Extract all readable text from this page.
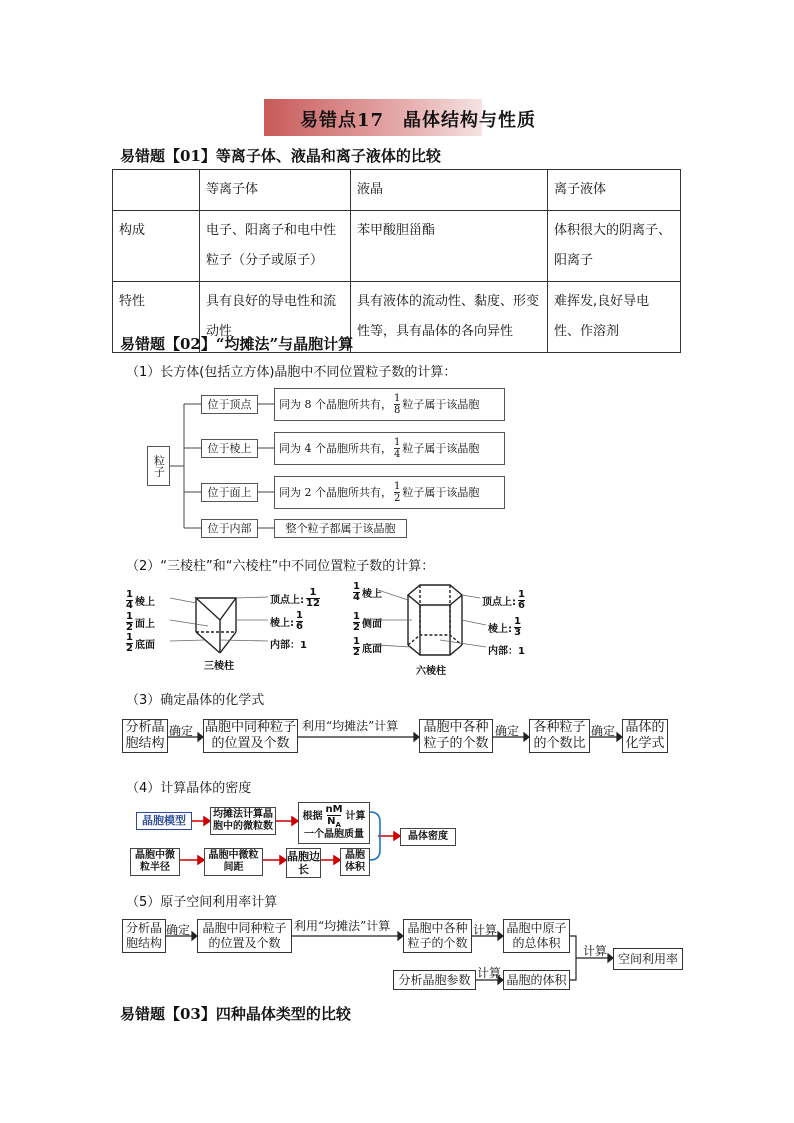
易错点17　晶体结构与性质
易错题【01】等离子体、液晶和离子液体的比较
	等离子体	液晶	离子液体
构成	电子、阳离子和电中性粒子（分子或原子）	苯甲酸胆甾酯	体积很大的阴离子、阳离子
特性	具有良好的导电性和流动性	具有液体的流动性、黏度、形变性等，具有晶体的各向异性	难挥发,良好导电性、作溶剂
易错题【02】“均摊法”与晶胞计算
（1）长方体(包括立方体)晶胞中不同位置粒子数的计算：
粒子
位于顶点
位于棱上
位于面上
位于内部
同为 8 个晶胞所共有， 1
8 粒子属于该晶胞
同为 4 个晶胞所共有， 1
4 粒子属于该晶胞
同为 2 个晶胞所共有， 1
2 粒子属于该晶胞
整个粒子都属于该晶胞
（2）“三棱柱”和“六棱柱”中不同位置粒子数的计算：
1
4 棱上
1
2 面上
1
2 底面
顶点上:
1
12
棱上:
1
6
内部：1
三棱柱
1
4 棱上
1
2 侧面
1
2 底面
顶点上:
1
6
棱上:
1
3
内部：1
六棱柱
（3）确定晶体的化学式
分析晶胞结构
确定 晶胞中同种粒子的位置及个数
利用“均摊法”计算	晶胞中各种粒子的个数
确定	各种粒子的个数比
确定 晶体的化学式
（4）计算晶体的密度
晶胞模型	均摊法计算晶胞中的微粒数
根据 $\frac{nM}{N_A}$ 计算
一个晶胞质量	晶体密度
晶胞中微粒半径
晶胞中微粒间距
晶胞边长
晶胞体积
（5）原子空间利用率计算
分析晶胞结构
确定	晶胞中同种粒子的位置及个数
利用“均摊法”计算	晶胞中各种粒子的个数
计算 晶胞中原子的总体积
计算
空间利用率
分析晶胞参数 计算 晶胞的体积
易错题【03】四种晶体类型的比较
